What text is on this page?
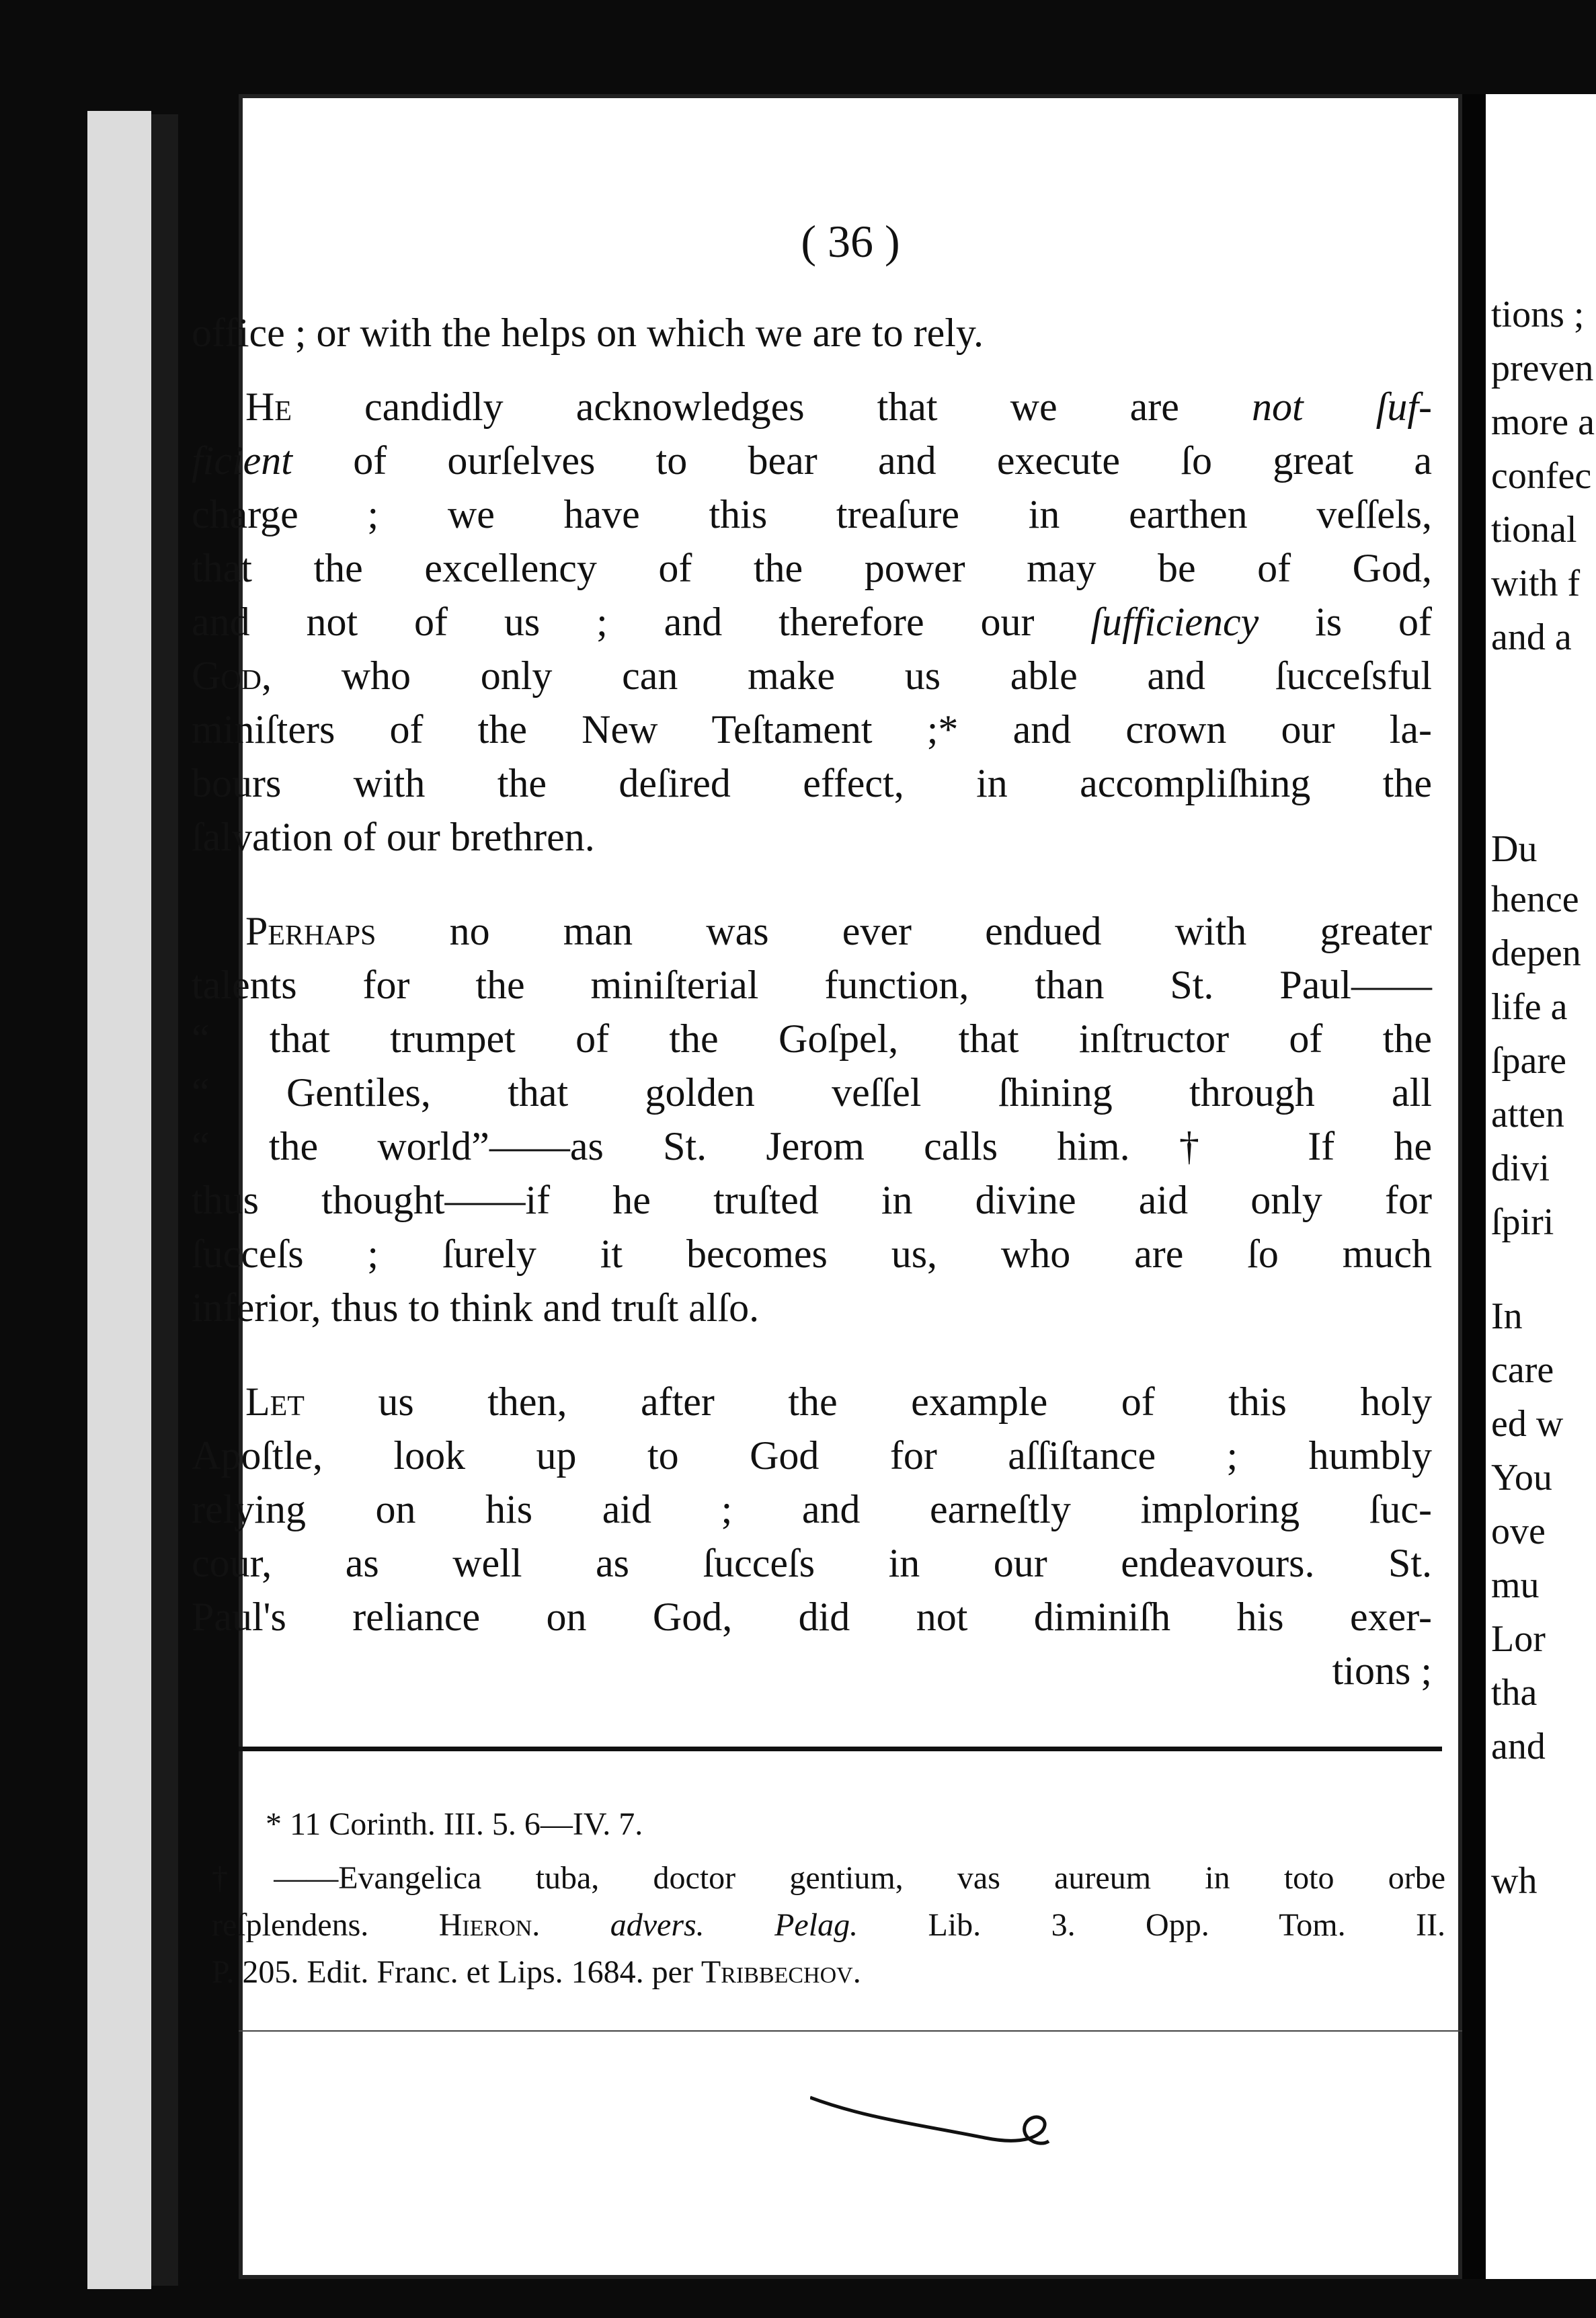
( 36 )
office ; or with the helps on which we are to rely.
He candidly acknowledges that we are not ſuf-
ficient of ourſelves to bear and execute ſo great a
charge ; we have this treaſure in earthen veſſels,
that the excellency of the power may be of God,
and not of us ; and therefore our ſufficiency is of
God, who only can make us able and ſucceſsful
miniſters of the New Teſtament ;* and crown our la-
bours with the deſired effect, in accompliſhing the
ſalvation of our brethren.
Perhaps no man was ever endued with greater
talents for the miniſterial function, than St. Paul——
“ that trumpet of the Goſpel, that inſtructor of the
“ Gentiles, that golden veſſel ſhining through all
“ the world”——as St. Jerom calls him.† If he
thus thought——if he truſted in divine aid only for
ſucceſs ; ſurely it becomes us, who are ſo much
inferior, thus to think and truſt alſo.
Let us then, after the example of this holy
Apoſtle, look up to God for aſſiſtance ; humbly
relying on his aid ; and earneſtly imploring ſuc-
cour, as well as ſucceſs in our endeavours. St.
Paul's reliance on God, did not diminiſh his exer-
tions ;
* 11 Corinth. III. 5. 6—IV. 7.
†——Evangelica tuba, doctor gentium, vas aureum in toto orbe
reſplendens. Hieron. advers. Pelag. Lib. 3. Opp. Tom. II.
P. 205. Edit. Franc. et Lips. 1684. per Tribbechov.
tions ;
preven
more a
confec
tional
with f
and a
Du
hence
depen
life a
ſpare
atten
divi
ſpiri
In
care
ed w
You
ove
mu
Lor
tha
and
wh
